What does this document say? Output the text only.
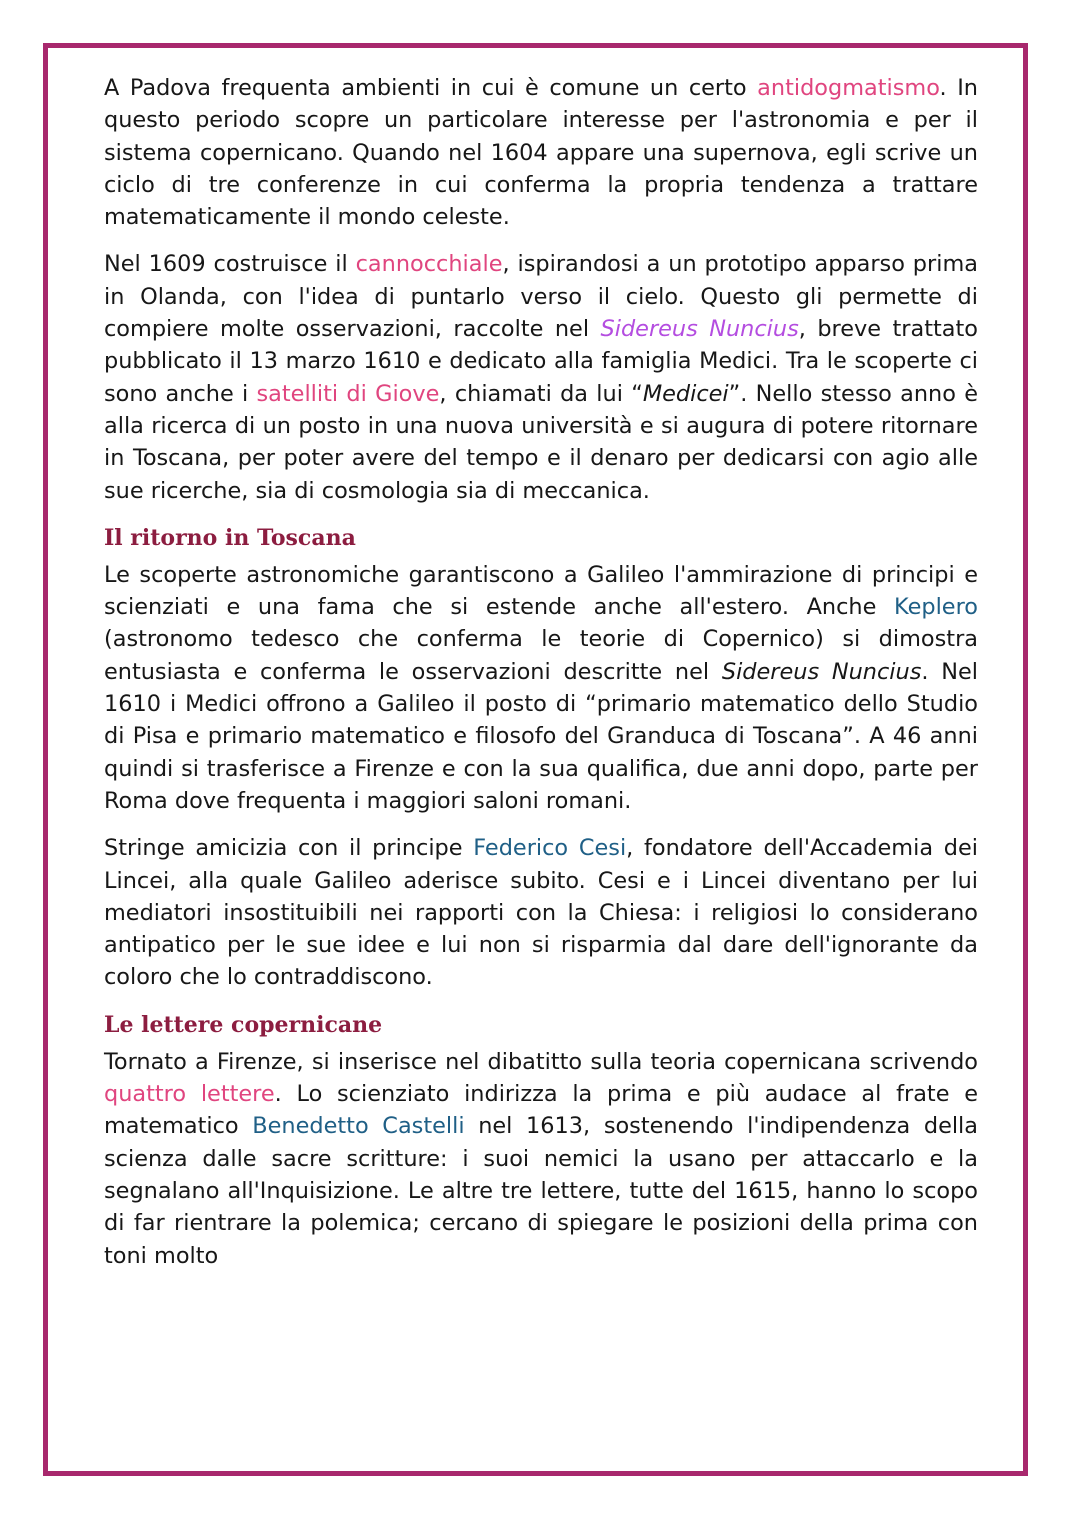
A Padova frequenta ambienti in cui è comune un certo antidogmatismo. In questo periodo scopre un particolare interesse per l'astronomia e per il sistema copernicano. Quando nel 1604 appare una supernova, egli scrive un ciclo di tre conferenze in cui conferma la propria tendenza a trattare matematicamente il mondo celeste.

Nel 1609 costruisce il cannocchiale, ispirandosi a un prototipo apparso prima in Olanda, con l'idea di puntarlo verso il cielo. Questo gli permette di compiere molte osservazioni, raccolte nel Sidereus Nuncius, breve trattato pubblicato il 13 marzo 1610 e dedicato alla famiglia Medici. Tra le scoperte ci sono anche i satelliti di Giove, chiamati da lui “Medicei”. Nello stesso anno è alla ricerca di un posto in una nuova università e si augura di potere ritornare in Toscana, per poter avere del tempo e il denaro per dedicarsi con agio alle sue ricerche, sia di cosmologia sia di meccanica.

Il ritorno in Toscana

Le scoperte astronomiche garantiscono a Galileo l'ammirazione di principi e scienziati e una fama che si estende anche all'estero. Anche Keplero (astronomo tedesco che conferma le teorie di Copernico) si dimostra entusiasta e conferma le osservazioni descritte nel Sidereus Nuncius. Nel 1610 i Medici offrono a Galileo il posto di “primario matematico dello Studio di Pisa e primario matematico e filosofo del Granduca di Toscana”. A 46 anni quindi si trasferisce a Firenze e con la sua qualifica, due anni dopo, parte per Roma dove frequenta i maggiori saloni romani.

Stringe amicizia con il principe Federico Cesi, fondatore dell'Accademia dei Lincei, alla quale Galileo aderisce subito. Cesi e i Lincei diventano per lui mediatori insostituibili nei rapporti con la Chiesa: i religiosi lo considerano antipatico per le sue idee e lui non si risparmia dal dare dell'ignorante da coloro che lo contraddiscono.

Le lettere copernicane

Tornato a Firenze, si inserisce nel dibatitto sulla teoria copernicana scrivendo quattro lettere. Lo scienziato indirizza la prima e più audace al frate e matematico Benedetto Castelli nel 1613, sostenendo l'indipendenza della scienza dalle sacre scritture: i suoi nemici la usano per attaccarlo e la segnalano all'Inquisizione. Le altre tre lettere, tutte del 1615, hanno lo scopo di far rientrare la polemica; cercano di spiegare le posizioni della prima con toni molto
